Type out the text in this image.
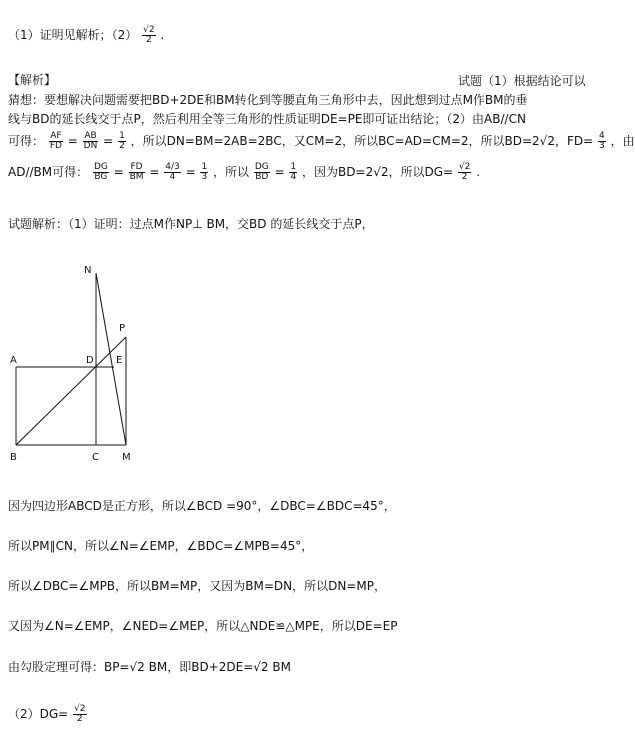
（1）证明见解析；$(2) \frac{√2}{2}$ .
【解析】	试题（1）根据结论可以
猜想：要想解决问题需要把BD+2DE和BM转化到等腰直角三角形中去，因此想到过点M作BM的垂
线与BD的延长线交于点P，然后利用全等三角形的性质证明DE=PE即可证出结论；（2）由AB//CN
可得： $\frac{AF}{FD} = \frac{AB}{DN} = \frac{1}{2}$ ，所以DN=BM=2AB=2BC，又CM=2，所以BC=AD=CM=2，所以BD=2√2，$FD= \frac{4}{3}$ ，由
AD//BM可得： $\frac{DG}{BG} = \frac{FD}{BM} = \frac{4/3}{4} = \frac{1}{3}$ ，所以 $\frac{DG}{BD} = \frac{1}{4}$ ，因为BD=2√2，所以$DG= \frac{√2}{2}$ .
试题解析：（1）证明：过点M作NP⊥ BM，交BD 的延长线交于点P，
N
P
A	D E
B	C M
因为四边形ABCD是正方形，所以∠BCD =90°，∠DBC=∠BDC=45°，
所以PM∥CN，所以∠N=∠EMP，∠BDC=∠MPB=45°，
所以∠DBC=∠MPB，所以BM=MP，又因为BM=DN，所以DN=MP，
又因为∠N=∠EMP，∠NED=∠MEP，所以△NDE≌△MPE，所以DE=EP
由勾股定理可得：BP=√2 BM，即BD+2DE=√2 BM
$(2)DG= \frac{√2}{2}$
